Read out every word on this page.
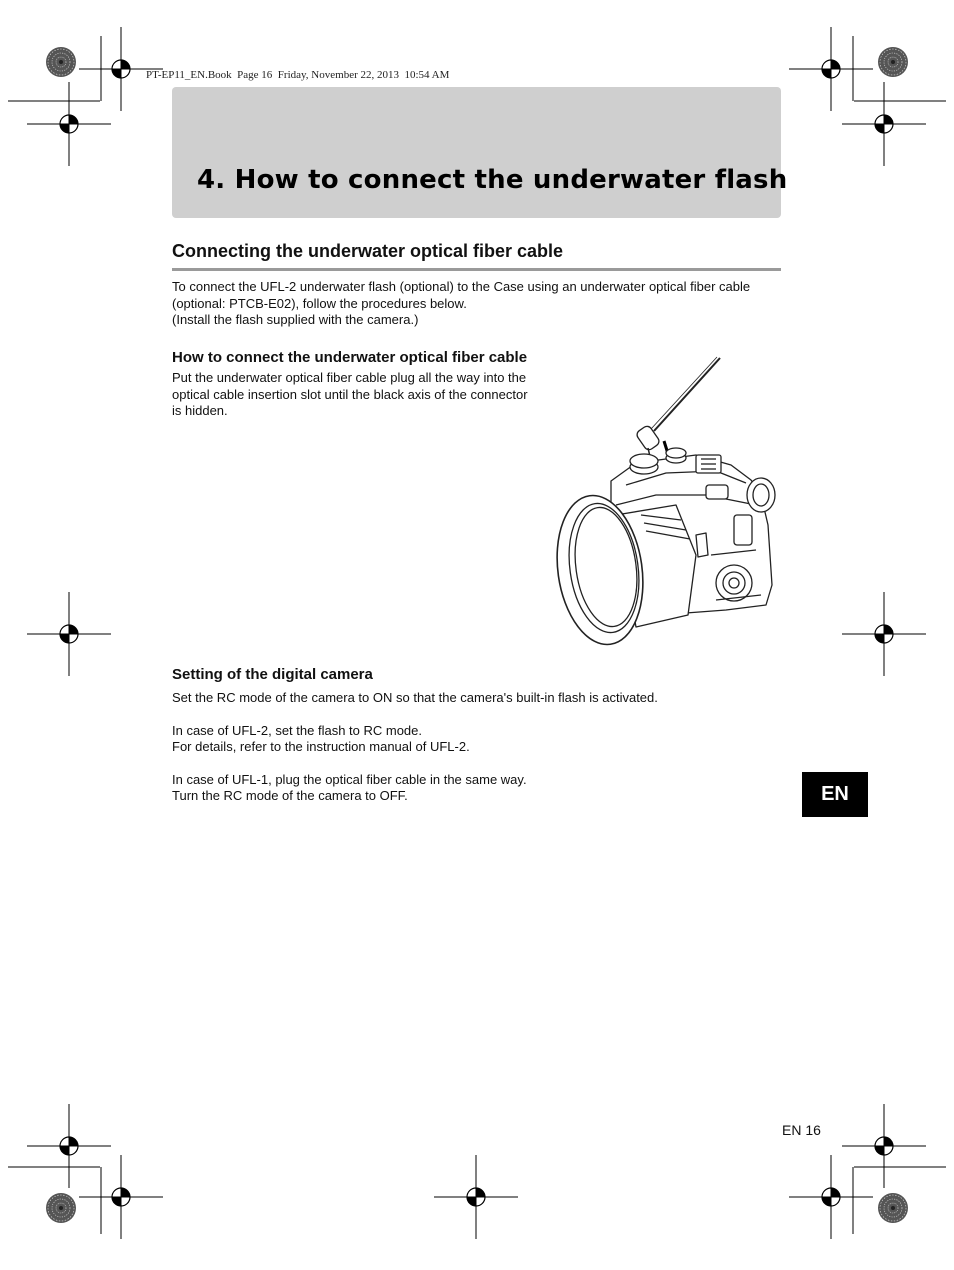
PT-EP11_EN.Book  Page 16  Friday, November 22, 2013  10:54 AM
4. How to connect the underwater flash
Connecting the underwater optical fiber cable
To connect the UFL-2 underwater flash (optional) to the Case using an underwater optical fiber cable
(optional: PTCB-E02), follow the procedures below.
(Install the flash supplied with the camera.)
How to connect the underwater optical fiber cable
Put the underwater optical fiber cable plug all the way into the
optical cable insertion slot until the black axis of the connector
is hidden.
Setting of the digital camera
Set the RC mode of the camera to ON so that the camera's built-in flash is activated.
In case of UFL-2, set the flash to RC mode.
For details, refer to the instruction manual of UFL-2.
In case of UFL-1, plug the optical fiber cable in the same way.
Turn the RC mode of the camera to OFF.	EN
EN 16
